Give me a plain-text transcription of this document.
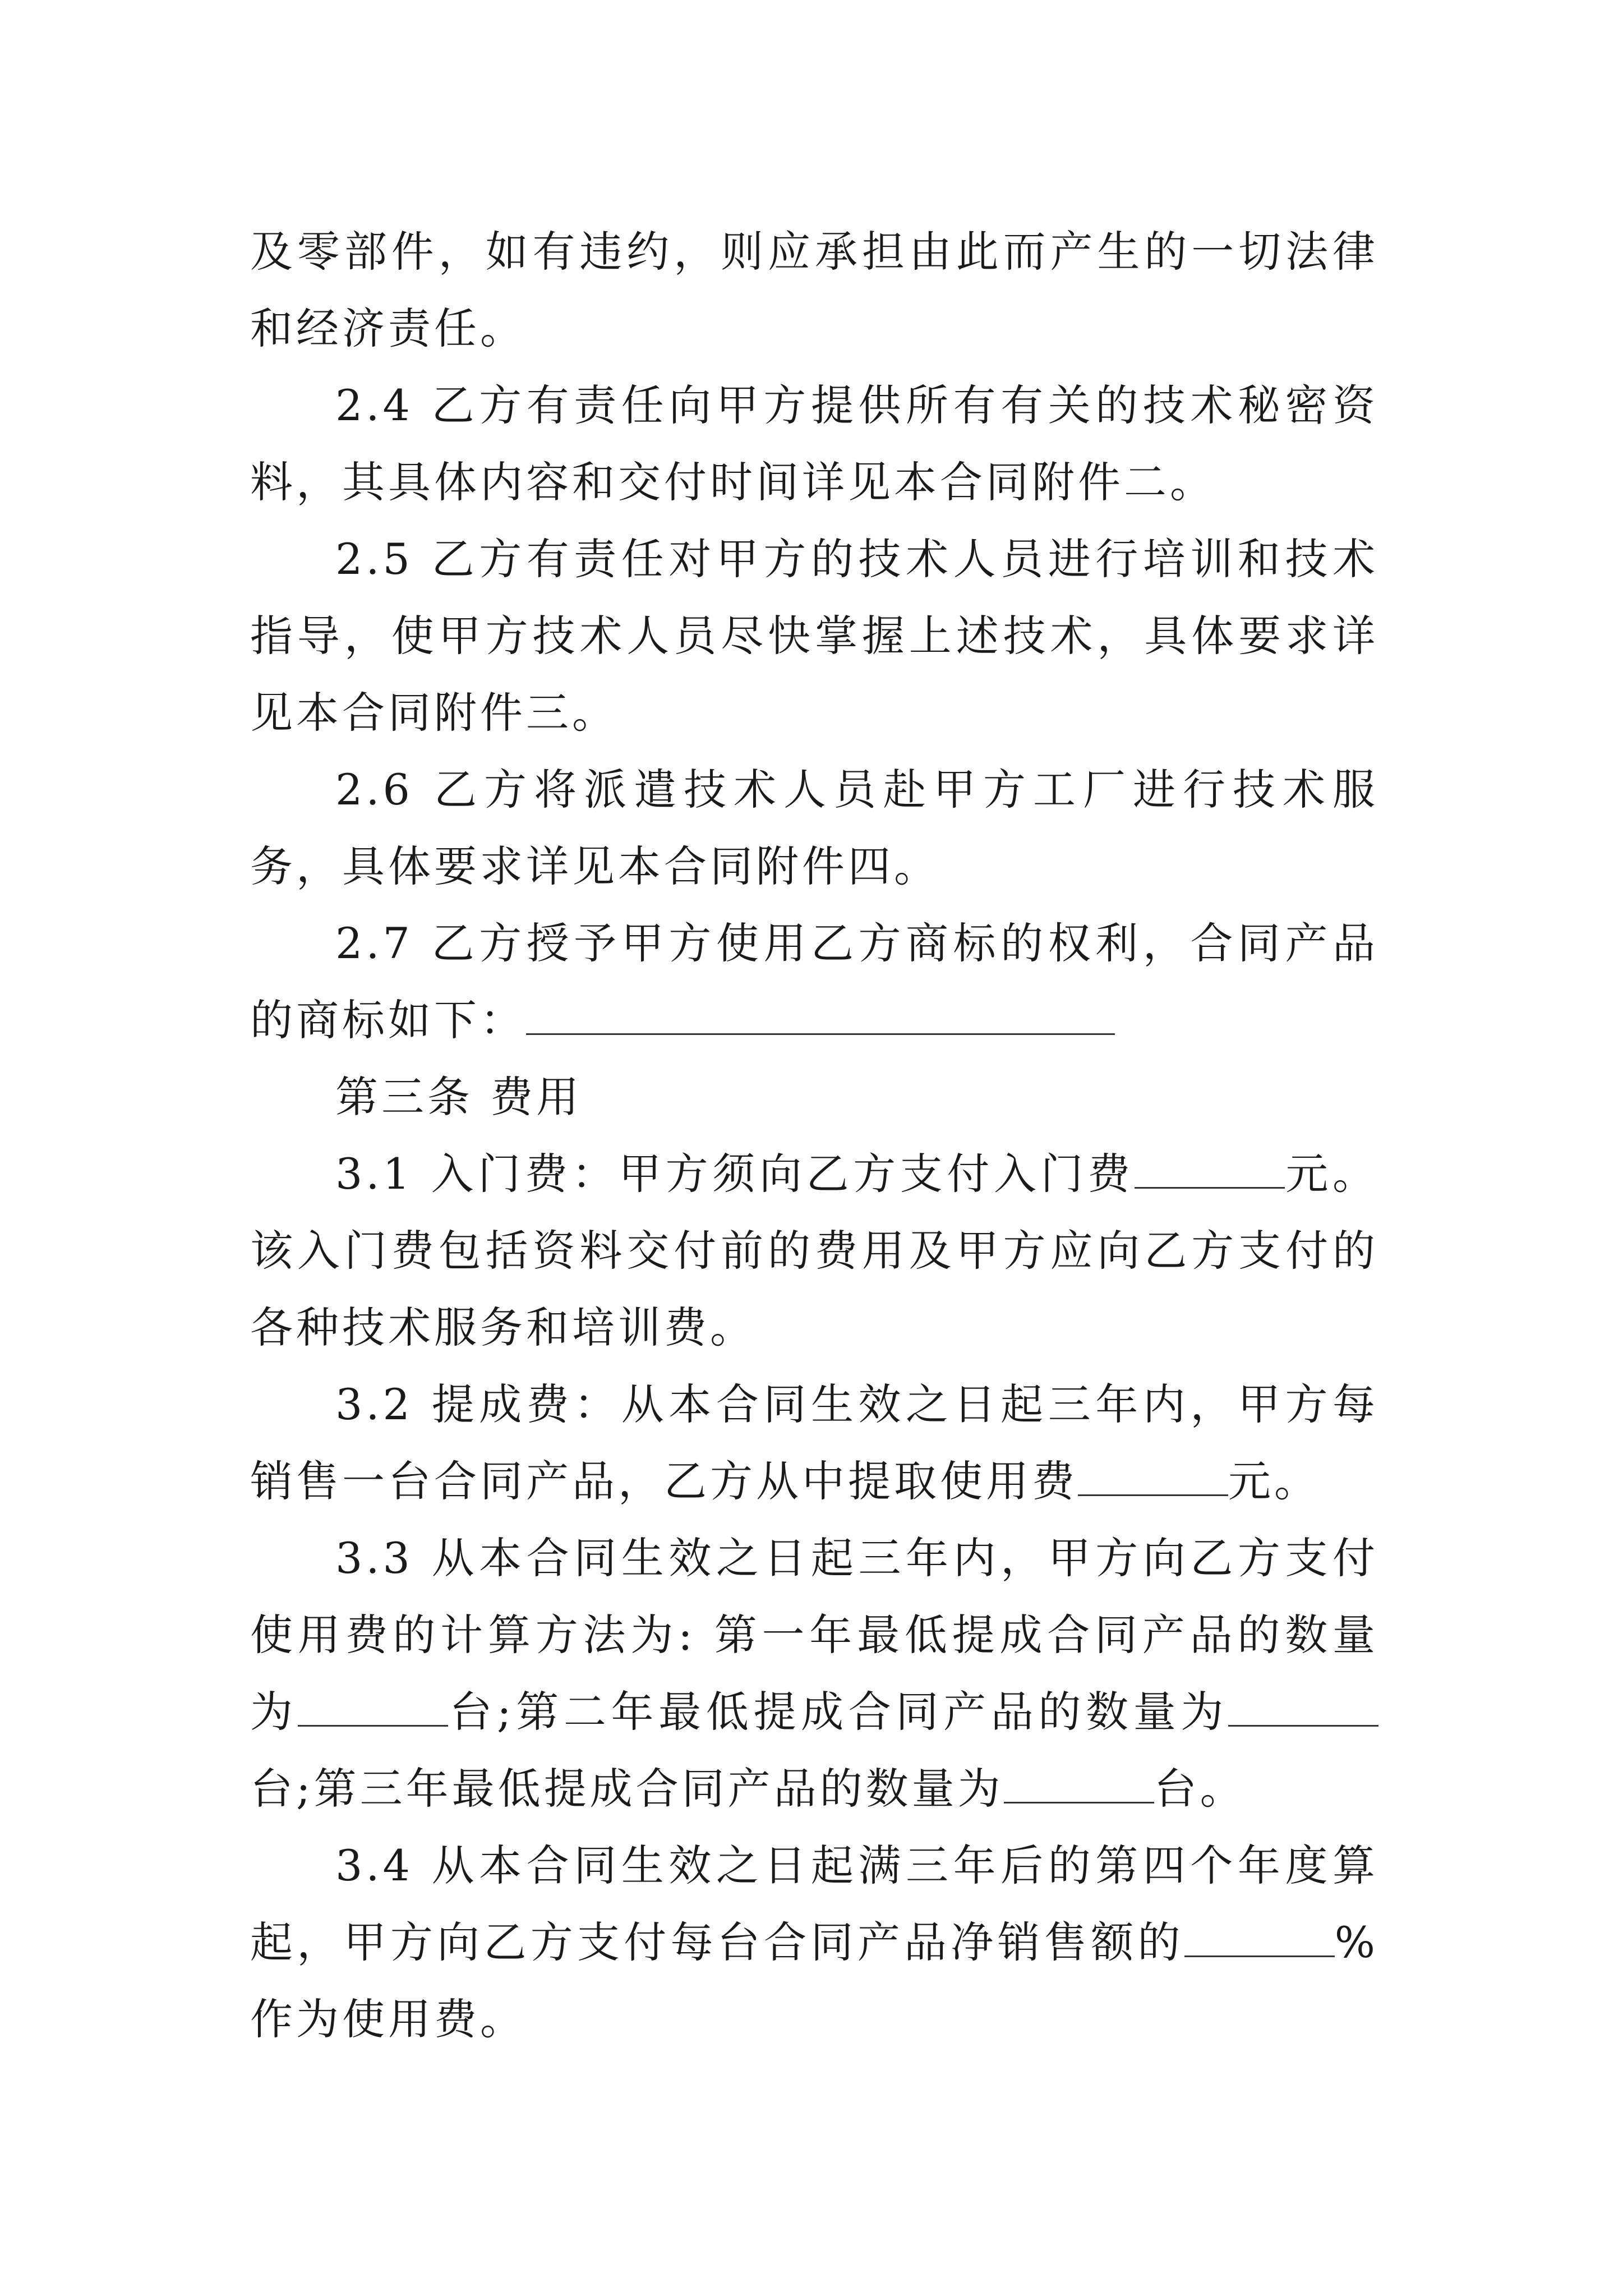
及零部件，如有违约，则应承担由此而产生的一切法律和经济责任。

2.4 乙方有责任向甲方提供所有有关的技术秘密资料，其具体内容和交付时间详见本合同附件二。

2.5 乙方有责任对甲方的技术人员进行培训和技术指导，使甲方技术人员尽快掌握上述技术，具体要求详见本合同附件三。

2.6 乙方将派遣技术人员赴甲方工厂进行技术服务，具体要求详见本合同附件四。

2.7 乙方授予甲方使用乙方商标的权利，合同产品的商标如下：

第三条 费用

3.1 入门费：甲方须向乙方支付入门费	元。该入门费包括资料交付前的费用及甲方应向乙方支付的各种技术服务和培训费。

3.2 提成费：从本合同生效之日起三年内，甲方每销售一台合同产品，乙方从中提取使用费	元。

3.3 从本合同生效之日起三年内，甲方向乙方支付使用费的计算方法为: 第一年最低提成合同产品的数量为	台;第二年最低提成合同产品的数量为台;第三年最低提成合同产品的数量为	台。

3.4 从本合同生效之日起满三年后的第四个年度算起，甲方向乙方支付每台合同产品净销售额的	%作为使用费。
